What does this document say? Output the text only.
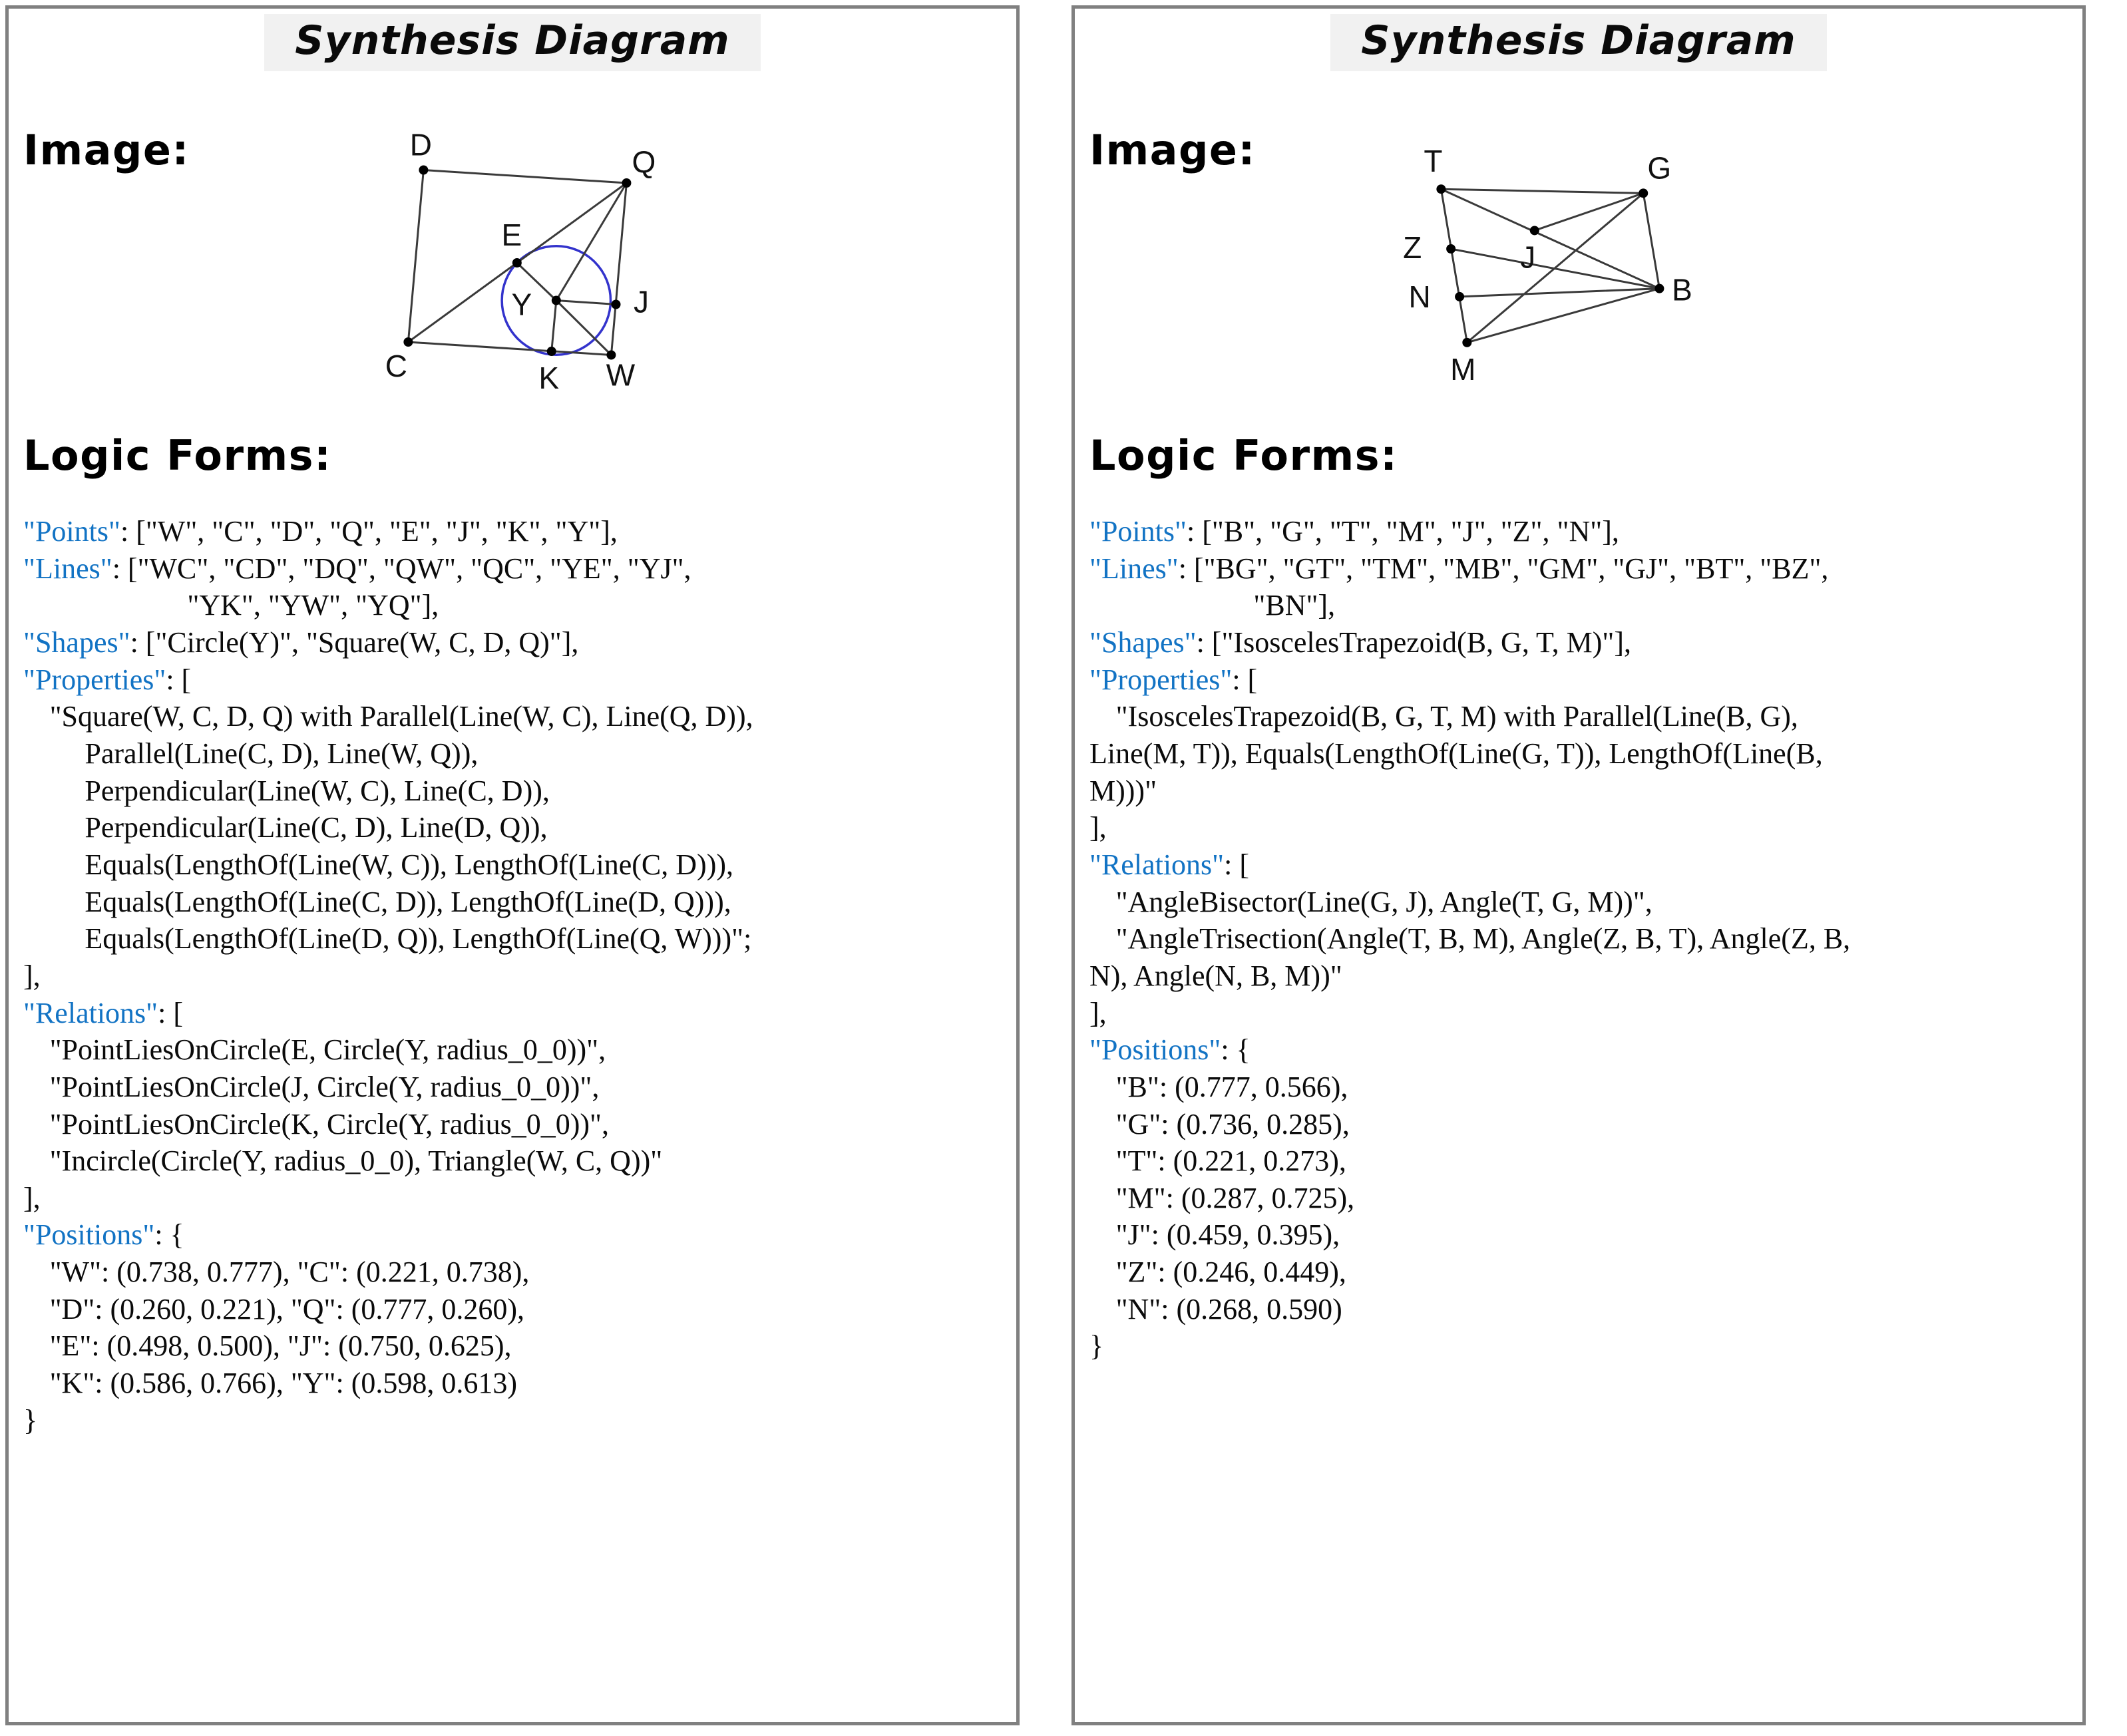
Synthesis Diagram
Image:
Logic Forms:
W
C
D	Q
E
J
K
Y
"Points": ["W", "C", "D", "Q", "E", "J", "K", "Y"],
"Lines": ["WC", "CD", "DQ", "QW", "QC", "YE", "YJ",
"YK", "YW", "YQ"],
"Shapes": ["Circle(Y)", "Square(W, C, D, Q)"],
"Properties": [
"Square(W, C, D, Q) with Parallel(Line(W, C), Line(Q, D)),
Parallel(Line(C, D), Line(W, Q)),
Perpendicular(Line(W, C), Line(C, D)),
Perpendicular(Line(C, D), Line(D, Q)),
Equals(LengthOf(Line(W, C)), LengthOf(Line(C, D))),
Equals(LengthOf(Line(C, D)), LengthOf(Line(D, Q))),
Equals(LengthOf(Line(D, Q)), LengthOf(Line(Q, W)))";
],
"Relations": [
"PointLiesOnCircle(E, Circle(Y, radius_0_0))",
"PointLiesOnCircle(J, Circle(Y, radius_0_0))",
"PointLiesOnCircle(K, Circle(Y, radius_0_0))",
"Incircle(Circle(Y, radius_0_0), Triangle(W, C, Q))"
],
"Positions": {
"W": (0.738, 0.777), "C": (0.221, 0.738),
"D": (0.260, 0.221), "Q": (0.777, 0.260),
"E": (0.498, 0.500), "J": (0.750, 0.625),
"K": (0.586, 0.766), "Y": (0.598, 0.613)
}
Synthesis Diagram
Image:
Logic Forms:
B
G
T
M
J
Z
N
"Points": ["B", "G", "T", "M", "J", "Z", "N"],
"Lines": ["BG", "GT", "TM", "MB", "GM", "GJ", "BT", "BZ",
"BN"],
"Shapes": ["IsoscelesTrapezoid(B, G, T, M)"],
"Properties": [
"IsoscelesTrapezoid(B, G, T, M) with Parallel(Line(B, G),
Line(M, T)), Equals(LengthOf(Line(G, T)), LengthOf(Line(B,
M)))"
],
"Relations": [
"AngleBisector(Line(G, J), Angle(T, G, M))",
"AngleTrisection(Angle(T, B, M), Angle(Z, B, T), Angle(Z, B,
N), Angle(N, B, M))"
],
"Positions": {
"B": (0.777, 0.566),
"G": (0.736, 0.285),
"T": (0.221, 0.273),
"M": (0.287, 0.725),
"J": (0.459, 0.395),
"Z": (0.246, 0.449),
"N": (0.268, 0.590)
}
